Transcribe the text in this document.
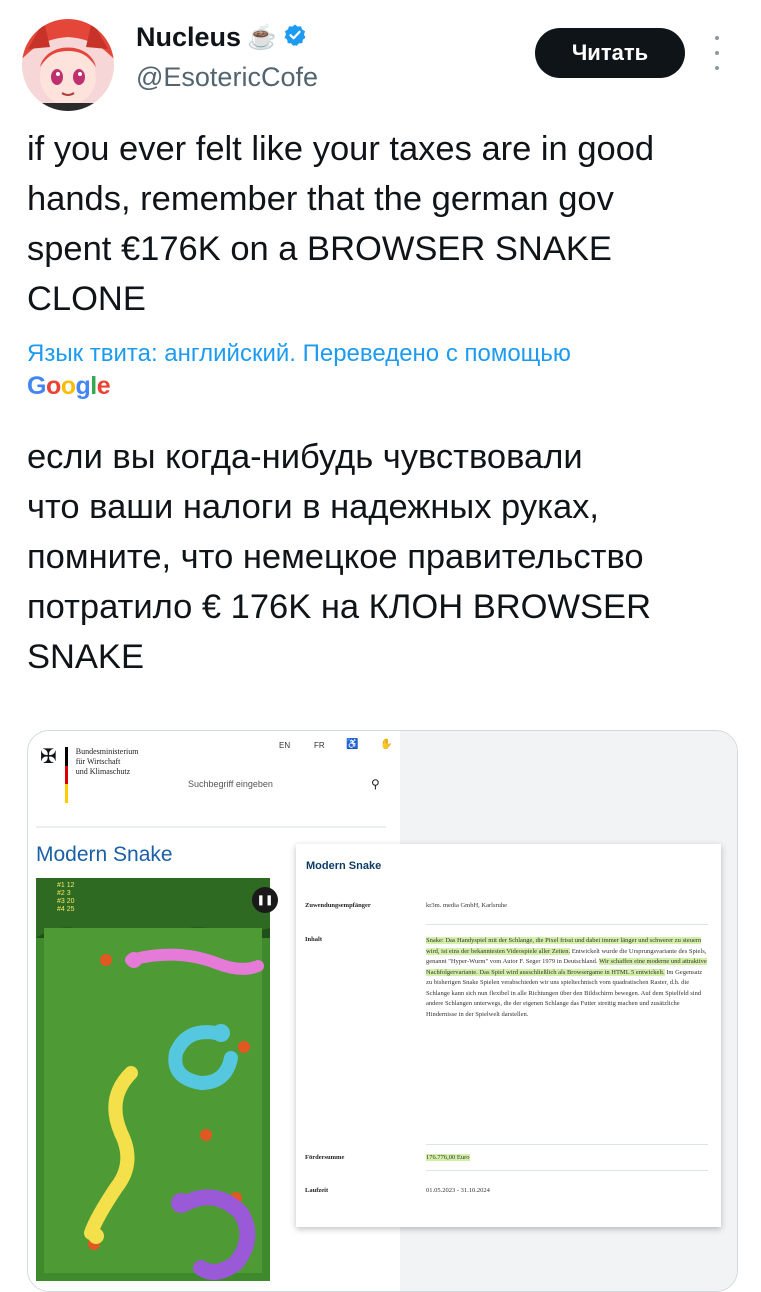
Nucleus ☕
@EsotericCofe
Читать
if you ever felt like your taxes are in good
hands, remember that the german gov
spent €176K on a BROWSER SNAKE
CLONE
Язык твита: английский. Переведено с помощью
Google
если вы когда-нибудь чувствовали
что ваши налоги в надежных руках,
помните, что немецкое правительство
потратило € 176K на КЛОН BROWSER
SNAKE
✠ Bundesministerium
für Wirtschaft
und Klimaschutz
EN	FR ♿ ✋
Suchbegriff eingeben	⚲
Modern Snake
#1 12
#2 3
#3 20
#4 25
❚❚
Modern Snake
Zuwendungsempfänger	kr3m. media GmbH, Karlsruhe
Inhalt	Snake: Das Handyspiel mit der Schlange, die Pixel frisst und dabei immer länger und schwerer zu steuern wird, ist eins der bekanntesten Videospiele aller Zeiten. Entwickelt wurde die Ursprungsvariante des Spiels, genannt "Hyper-Wurm" vom Autor F. Seger 1979 in Deutschland. Wir schaffen eine moderne und attraktive Nachfolgervariante. Das Spiel wird ausschließlich als Browsergame in HTML 5 entwickelt. Im Gegensatz zu bisherigen Snake Spielen verabschieden wir uns spieltechnisch vom quadratischen Raster, d.h. die Schlange kann sich nun flexibel in alle Richtungen über den Bildschirm bewegen. Auf dem Spielfeld sind andere Schlangen unterwegs, die der eigenen Schlange das Futter streitig machen und zusätzliche Hindernisse in der Spielwelt darstellen.
Fördersumme	176.776,00 Euro
Laufzeit	01.05.2023 - 31.10.2024
